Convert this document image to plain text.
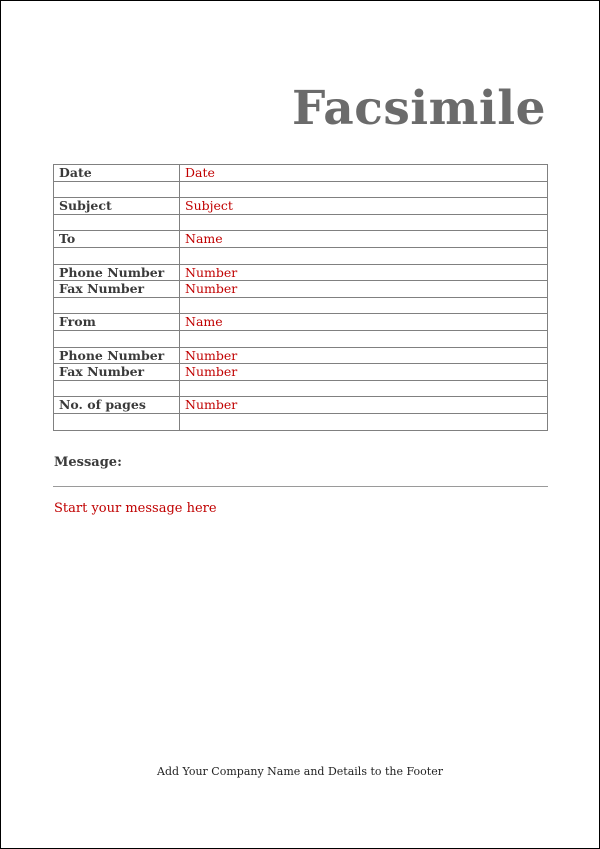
Facsimile
Date	Date

Subject	Subject

To	Name

Phone Number	Number
Fax Number	Number

From	Name

Phone Number	Number
Fax Number	Number

No. of pages	Number

Message:
Start your message here
Add Your Company Name and Details to the Footer
